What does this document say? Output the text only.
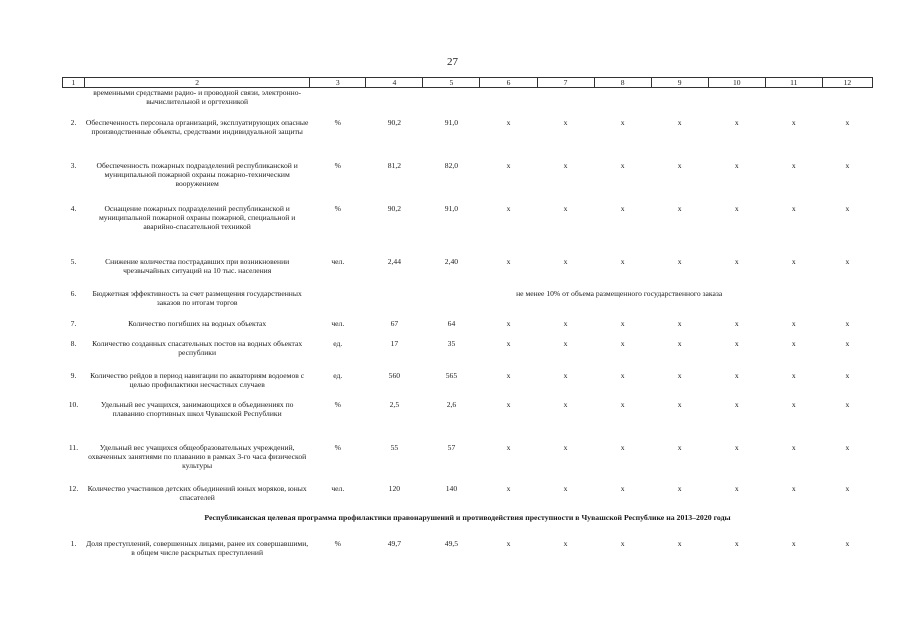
27
1	2	3	4	5	6	7	8	9	10	11	12
	временными средствами радио- и проводной связи, электронно-вычислительной и оргтехникой										
2.	Обеспеченность персонала организаций, эксплуатирующих опасные производственные объекты, средствами индивидуальной защиты	%	90,2	91,0	х	х	х	х	х	х	х
3.	Обеспеченность пожарных подразделений республиканской и муниципальной пожарной охраны пожарно-техническим вооружением	%	81,2	82,0	х	х	х	х	х	х	х
4.	Оснащение пожарных подразделений республиканской и муниципальной пожарной охраны пожарной, специальной и аварийно-спасательной техникой	%	90,2	91,0	х	х	х	х	х	х	х
5.	Снижение количества пострадавших при возникновении чрезвычайных ситуаций на 10 тыс. населения	чел.	2,44	2,40	х	х	х	х	х	х	х
6.	Бюджетная эффективность за счет размещения государственных заказов по итогам торгов		не менее 10% от объема размещенного государственного заказа								
7.	Количество погибших на водных объектах	чел.	67	64	х	х	х	х	х	х	х
8.	Количество созданных спасательных постов на водных объектах республики	ед.	17	35	х	х	х	х	х	х	х
9.	Количество рейдов в период навигации по акваториям водоемов с целью профилактики несчастных случаев	ед.	560	565	х	х	х	х	х	х	х
10.	Удельный вес учащихся, занимающихся в объединениях по плаванию спортивных школ Чувашской Республики	%	2,5	2,6	х	х	х	х	х	х	х
11.	Удельный вес учащихся общеобразовательных учреждений, охваченных занятиями по плаванию в рамках 3-го часа физической культуры	%	55	57	х	х	х	х	х	х	х
12.	Количество участников детских объединений юных моряков, юных спасателей	чел.	120	140	х	х	х	х	х	х	х
Республиканская целевая программа профилактики правонарушений и противодействия преступности в Чувашской Республике на 2013–2020 годы											
1.	Доля преступлений, совершенных лицами, ранее их совершавшими, в общем числе раскрытых преступлений	%	49,7	49,5	х	х	х	х	х	х	х
